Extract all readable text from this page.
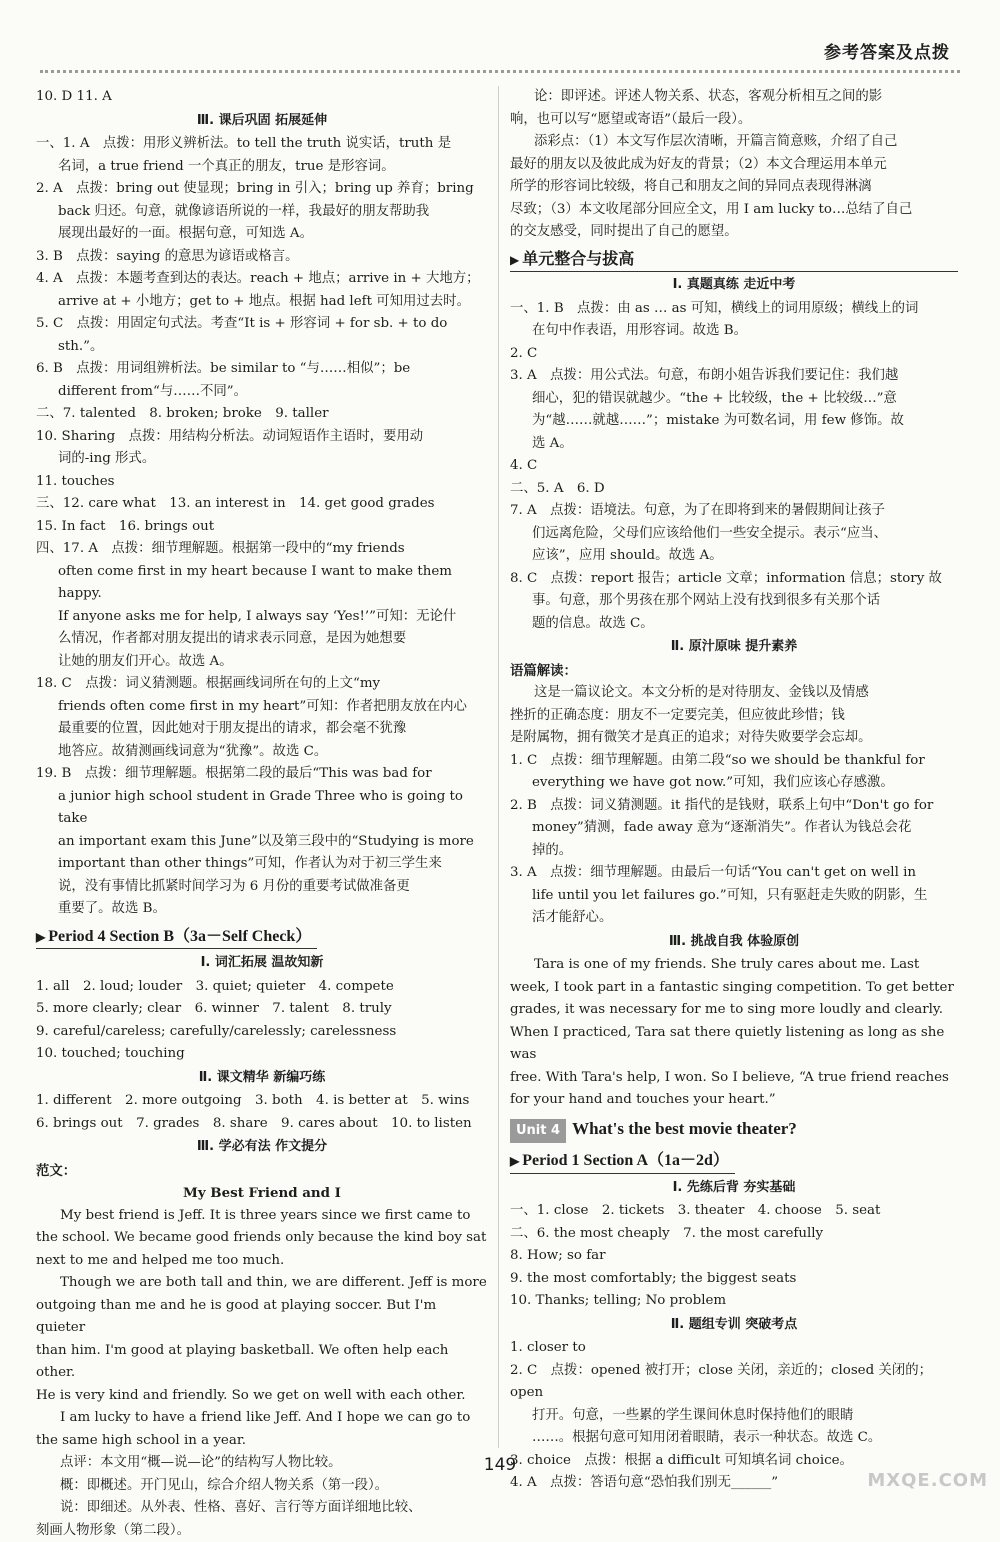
参考答案及点拨
10. D 11. A
Ⅲ. 课后巩固 拓展延伸
一、1. A　点拨：用形义辨析法。to tell the truth 说实话，truth 是
名词，a true friend 一个真正的朋友，true 是形容词。
2. A　点拨：bring out 使显现；bring in 引入；bring up 养育；bring
back 归还。句意，就像谚语所说的一样，我最好的朋友帮助我
展现出最好的一面。根据句意，可知选 A。
3. B　点拨：saying 的意思为谚语或格言。
4. A　点拨：本题考查到达的表达。reach + 地点；arrive in + 大地方；
arrive at + 小地方；get to + 地点。根据 had left 可知用过去时。
5. C　点拨：用固定句式法。考查“It is + 形容词 + for sb. + to do
sth.”。
6. B　点拨：用词组辨析法。be similar to “与……相似”；be
different from“与……不同”。
二、7. talented　8. broken; broke　9. taller
10. Sharing　点拨：用结构分析法。动词短语作主语时，要用动
词的-ing 形式。
11. touches
三、12. care what　13. an interest in　14. get good grades
15. In fact　16. brings out
四、17. A　点拨：细节理解题。根据第一段中的“my friends
often come first in my heart because I want to make them happy.
If anyone asks me for help, I always say ‘Yes!’”可知：无论什
么情况，作者都对朋友提出的请求表示同意，是因为她想要
让她的朋友们开心。故选 A。
18. C　点拨：词义猜测题。根据画线词所在句的上文“my
friends often come first in my heart”可知：作者把朋友放在内心
最重要的位置，因此她对于朋友提出的请求，都会毫不犹豫
地答应。故猜测画线词意为“犹豫”。故选 C。
19. B　点拨：细节理解题。根据第二段的最后“This was bad for
a junior high school student in Grade Three who is going to take
an important exam this June”以及第三段中的“Studying is more
important than other things”可知，作者认为对于初三学生来
说，没有事情比抓紧时间学习为 6 月份的重要考试做准备更
重要了。故选 B。
▶ Period 4 Section B（3a－Self Check）
Ⅰ. 词汇拓展 温故知新
1. all　2. loud; louder　3. quiet; quieter　4. compete
5. more clearly; clear　6. winner　7. talent　8. truly
9. careful/careless; carefully/carelessly; carelessness
10. touched; touching
Ⅱ. 课文精华 新编巧练
1. different　2. more outgoing　3. both　4. is better at　5. wins
6. brings out　7. grades　8. share　9. cares about　10. to listen
Ⅲ. 学必有法 作文提分
范文：
My Best Friend and I
My best friend is Jeff. It is three years since we first came to
the school. We became good friends only because the kind boy sat
next to me and helped me too much.
Though we are both tall and thin, we are different. Jeff is more
outgoing than me and he is good at playing soccer. But I'm quieter
than him. I'm good at playing basketball. We often help each other.
He is very kind and friendly. So we get on well with each other.
I am lucky to have a friend like Jeff. And I hope we can go to
the same high school in a year.
点评：本文用“概—说—论”的结构写人物比较。
概：即概述。开门见山，综合介绍人物关系（第一段）。
说：即细述。从外表、性格、喜好、言行等方面详细地比较、
刻画人物形象（第二段）。
论：即评述。评述人物关系、状态，客观分析相互之间的影
响，也可以写“愿望或寄语”（最后一段）。
添彩点：（1）本文写作层次清晰，开篇言简意赅，介绍了自己
最好的朋友以及彼此成为好友的背景；（2）本文合理运用本单元
所学的形容词比较级，将自己和朋友之间的异同点表现得淋漓
尽致；（3）本文收尾部分回应全文，用 I am lucky to…总结了自己
的交友感受，同时提出了自己的愿望。
▶ 单元整合与拔高
Ⅰ. 真题真练 走近中考
一、1. B　点拨：由 as … as 可知，横线上的词用原级；横线上的词
在句中作表语，用形容词。故选 B。
2. C
3. A　点拨：用公式法。句意，布朗小姐告诉我们要记住：我们越
细心，犯的错误就越少。“the + 比较级，the + 比较级…”意
为“越……就越……”；mistake 为可数名词，用 few 修饰。故
选 A。
4. C
二、5. A　6. D
7. A　点拨：语境法。句意，为了在即将到来的暑假期间让孩子
们远离危险，父母们应该给他们一些安全提示。表示“应当、
应该”，应用 should。故选 A。
8. C　点拨：report 报告；article 文章；information 信息；story 故
事。句意，那个男孩在那个网站上没有找到很多有关那个话
题的信息。故选 C。
Ⅱ. 原汁原味 提升素养
语篇解读：
这是一篇议论文。本文分析的是对待朋友、金钱以及情感
挫折的正确态度：朋友不一定要完美，但应彼此珍惜；钱
是附属物，拥有微笑才是真正的追求；对待失败要学会忘却。
1. C　点拨：细节理解题。由第二段“so we should be thankful for
everything we have got now.”可知，我们应该心存感激。
2. B　点拨：词义猜测题。it 指代的是钱财，联系上句中“Don't go for
money”猜测，fade away 意为“逐渐消失”。作者认为钱总会花
掉的。
3. A　点拨：细节理解题。由最后一句话“You can't get on well in
life until you let failures go.”可知，只有驱赶走失败的阴影，生
活才能舒心。
Ⅲ. 挑战自我 体验原创
Tara is one of my friends. She truly cares about me. Last
week, I took part in a fantastic singing competition. To get better
grades, it was necessary for me to sing more loudly and clearly.
When I practiced, Tara sat there quietly listening as long as she was
free. With Tara's help, I won. So I believe, “A true friend reaches
for your hand and touches your heart.”
Unit 4 What's the best movie theater?
▶ Period 1 Section A（1a－2d）
Ⅰ. 先练后背 夯实基础
一、1. close　2. tickets　3. theater　4. choose　5. seat
二、6. the most cheaply　7. the most carefully
8. How; so far
9. the most comfortably; the biggest seats
10. Thanks; telling; No problem
Ⅱ. 题组专训 突破考点
1. closer to
2. C　点拨：opened 被打开；close 关闭，亲近的；closed 关闭的；open
打开。句意，一些累的学生课间休息时保持他们的眼睛
……。根据句意可知用闭着眼睛，表示一种状态。故选 C。
3. choice　点拨：根据 a difficult 可知填名词 choice。
4. A　点拨：答语句意“恐怕我们别无______”
149
MXQE.COM
